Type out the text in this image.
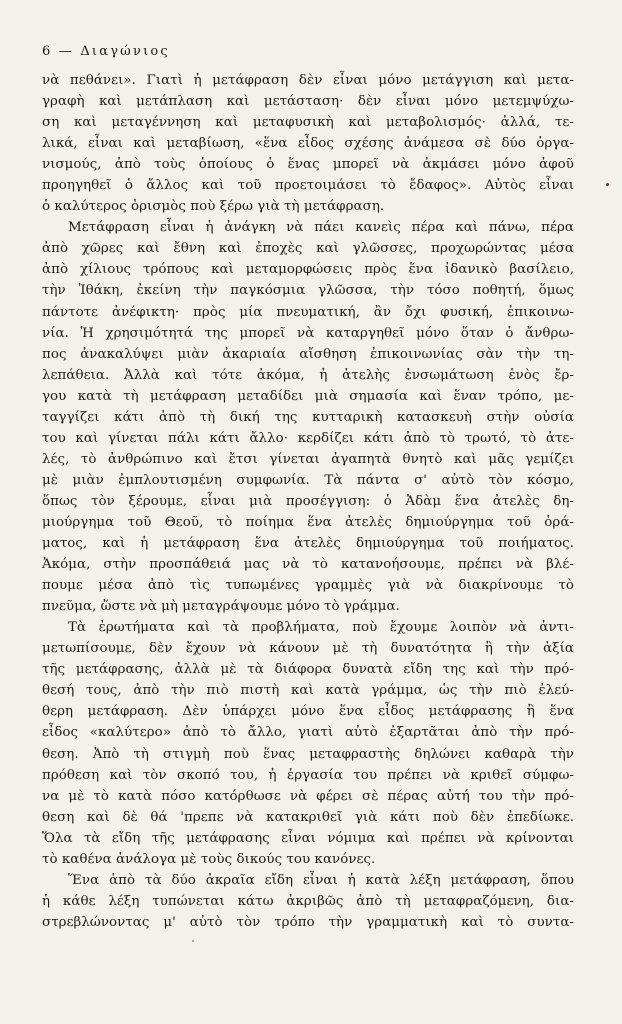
6 — Διαγώνιος
νὰ πεθάνει». Γιατὶ ἡ μετάφραση δὲν εἶναι μόνο μετάγγιση καὶ μετα-
γραφὴ καὶ μετάπλαση καὶ μετάσταση· δὲν εἶναι μόνο μετεμψύχω-
ση καὶ μεταγέννηση καὶ μεταφυσικὴ καὶ μεταβολισμός· ἀλλά, τε-
λικά, εἶναι καὶ μεταβίωση, «ἕνα εἶδος σχέσης ἀνάμεσα σὲ δύο ὀργα-
νισμούς, ἀπὸ τοὺς ὁποίους ὁ ἕνας μπορεῖ νὰ ἀκμάσει μόνο ἀφοῦ
προηγηθεῖ ὁ ἄλλος καὶ τοῦ προετοιμάσει τὸ ἔδαφος». Αὐτὸς εἶναι
ὁ καλύτερος ὁρισμὸς ποὺ ξέρω γιὰ τὴ μετάφραση.
Μετάφραση εἶναι ἡ ἀνάγκη νὰ πάει κανεὶς πέρα καὶ πάνω, πέρα
ἀπὸ χῶρες καὶ ἔθνη καὶ ἐποχὲς καὶ γλῶσσες, προχωρώντας μέσα
ἀπὸ χίλιους τρόπους καὶ μεταμορφώσεις πρὸς ἕνα ἰδανικὸ βασίλειο,
τὴν Ἰθάκη, ἐκείνη τὴν παγκόσμια γλῶσσα, τὴν τόσο ποθητή, ὅμως
πάντοτε ἀνέφικτη· πρὸς μία πνευματική, ἂν ὄχι φυσική, ἐπικοινω-
νία. Ἡ χρησιμότητά της μπορεῖ νὰ καταργηθεῖ μόνο ὅταν ὁ ἄνθρω-
πος ἀνακαλύψει μιὰν ἀκαριαία αἴσθηση ἐπικοινωνίας σὰν τὴν τη-
λεπάθεια. Ἀλλὰ καὶ τότε ἀκόμα, ἡ ἀτελὴς ἐνσωμάτωση ἑνὸς ἔρ-
γου κατὰ τὴ μετάφραση μεταδίδει μιὰ σημασία καὶ ἕναν τρόπο, με-
ταγγίζει κάτι ἀπὸ τὴ δική της κυτταρικὴ κατασκευὴ στὴν οὐσία
του καὶ γίνεται πάλι κάτι ἄλλο· κερδίζει κάτι ἀπὸ τὸ τρωτό, τὸ ἀτε-
λές, τὸ ἀνθρώπινο καὶ ἔτσι γίνεται ἀγαπητὰ θνητὸ καὶ μᾶς γεμίζει
μὲ μιὰν ἐμπλουτισμένη συμφωνία. Τὰ πάντα σ' αὐτὸ τὸν κόσμο,
ὅπως τὸν ξέρουμε, εἶναι μιὰ προσέγγιση: ὁ Ἀδὰμ ἕνα ἀτελὲς δη-
μιούργημα τοῦ Θεοῦ, τὸ ποίημα ἕνα ἀτελὲς δημιούργημα τοῦ ὁρά-
ματος, καὶ ἡ μετάφραση ἕνα ἀτελὲς δημιούργημα τοῦ ποιήματος.
Ἀκόμα, στὴν προσπάθειά μας νὰ τὸ κατανοήσουμε, πρέπει νὰ βλέ-
πουμε μέσα ἀπὸ τὶς τυπωμένες γραμμὲς γιὰ νὰ διακρίνουμε τὸ
πνεῦμα, ὥστε νὰ μὴ μεταγράψουμε μόνο τὸ γράμμα.
Τὰ ἐρωτήματα καὶ τὰ προβλήματα, ποὺ ἔχουμε λοιπὸν νὰ ἀντι-
μετωπίσουμε, δὲν ἔχουν νὰ κάνουν μὲ τὴ δυνατότητα ἢ τὴν ἀξία
τῆς μετάφρασης, ἀλλὰ μὲ τὰ διάφορα δυνατὰ εἴδη της καὶ τὴν πρό-
θεσή τους, ἀπὸ τὴν πιὸ πιστὴ καὶ κατὰ γράμμα, ὡς τὴν πιὸ ἐλεύ-
θερη μετάφραση. Δὲν ὑπάρχει μόνο ἕνα εἶδος μετάφρασης ἢ ἕνα
εἶδος «καλύτερο» ἀπὸ τὸ ἄλλο, γιατὶ αὐτὸ ἐξαρτᾶται ἀπὸ τὴν πρό-
θεση. Ἀπὸ τὴ στιγμὴ ποὺ ἕνας μεταφραστὴς δηλώνει καθαρὰ τὴν
πρόθεση καὶ τὸν σκοπό του, ἡ ἐργασία του πρέπει νὰ κριθεῖ σύμφω-
να μὲ τὸ κατὰ πόσο κατόρθωσε νὰ φέρει σὲ πέρας αὐτή του τὴν πρό-
θεση καὶ δὲ θά 'πρεπε νὰ κατακριθεῖ γιὰ κάτι ποὺ δὲν ἐπεδίωκε.
Ὅλα τὰ εἴδη τῆς μετάφρασης εἶναι νόμιμα καὶ πρέπει νὰ κρίνονται
τὸ καθένα ἀνάλογα μὲ τοὺς δικούς του κανόνες.
Ἕνα ἀπὸ τὰ δύο ἀκραῖα εἴδη εἶναι ἡ κατὰ λέξη μετάφραση, ὅπου
ἡ κάθε λέξη τυπώνεται κάτω ἀκριβῶς ἀπὸ τὴ μεταφραζόμενη, δια-
στρεβλώνοντας μ' αὐτὸ τὸν τρόπο τὴν γραμματικὴ καὶ τὸ συντα-
